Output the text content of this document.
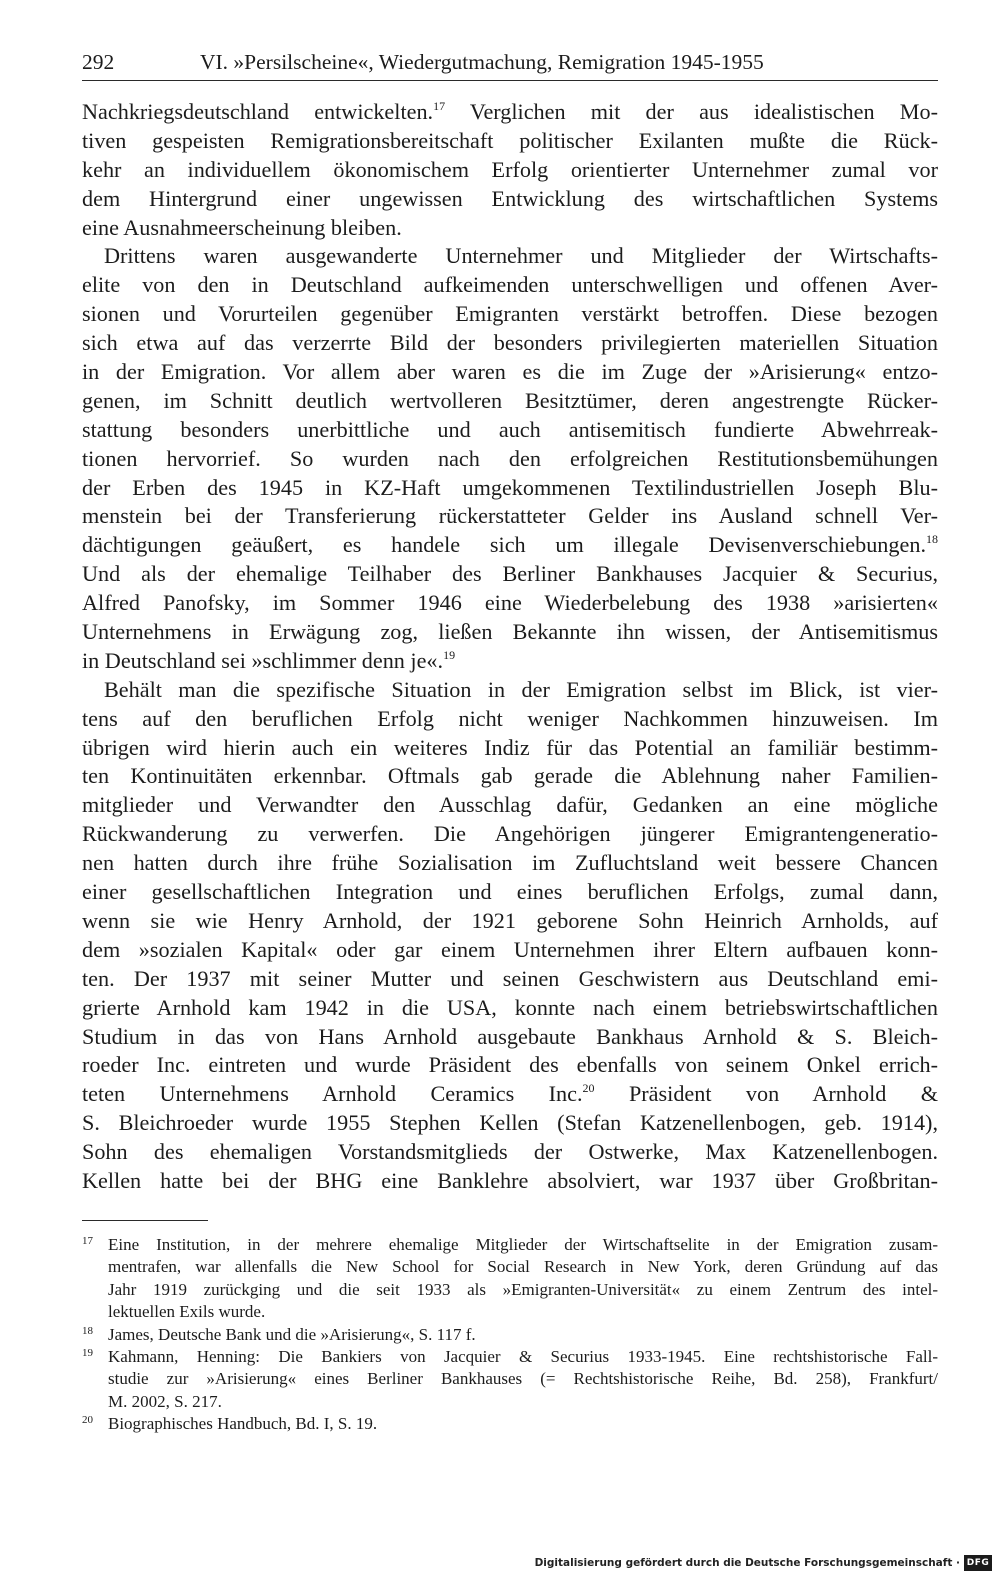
292	VI. »Persilscheine«, Wiedergutmachung, Remigration 1945-1955
Nachkriegsdeutschland entwickelten.$^{17}$ Verglichen mit der aus idealistischen Mo-
tiven gespeisten Remigrationsbereitschaft politischer Exilanten mußte die Rück-
kehr an individuellem ökonomischem Erfolg orientierter Unternehmer zumal vor
dem Hintergrund einer ungewissen Entwicklung des wirtschaftlichen Systems
eine Ausnahmeerscheinung bleiben.
Drittens waren ausgewanderte Unternehmer und Mitglieder der Wirtschafts-
elite von den in Deutschland aufkeimenden unterschwelligen und offenen Aver-
sionen und Vorurteilen gegenüber Emigranten verstärkt betroffen. Diese bezogen
sich etwa auf das verzerrte Bild der besonders privilegierten materiellen Situation
in der Emigration. Vor allem aber waren es die im Zuge der »Arisierung« entzo-
genen, im Schnitt deutlich wertvolleren Besitztümer, deren angestrengte Rücker-
stattung besonders unerbittliche und auch antisemitisch fundierte Abwehrreak-
tionen hervorrief. So wurden nach den erfolgreichen Restitutionsbemühungen
der Erben des 1945 in KZ-Haft umgekommenen Textilindustriellen Joseph Blu-
menstein bei der Transferierung rückerstatteter Gelder ins Ausland schnell Ver-
dächtigungen geäußert, es handele sich um illegale Devisenverschiebungen.$^{18}$
Und als der ehemalige Teilhaber des Berliner Bankhauses Jacquier & Securius,
Alfred Panofsky, im Sommer 1946 eine Wiederbelebung des 1938 »arisierten«
Unternehmens in Erwägung zog, ließen Bekannte ihn wissen, der Antisemitismus
in Deutschland sei »schlimmer denn je«.$^{19}$
Behält man die spezifische Situation in der Emigration selbst im Blick, ist vier-
tens auf den beruflichen Erfolg nicht weniger Nachkommen hinzuweisen. Im
übrigen wird hierin auch ein weiteres Indiz für das Potential an familiär bestimm-
ten Kontinuitäten erkennbar. Oftmals gab gerade die Ablehnung naher Familien-
mitglieder und Verwandter den Ausschlag dafür, Gedanken an eine mögliche
Rückwanderung zu verwerfen. Die Angehörigen jüngerer Emigrantengeneratio-
nen hatten durch ihre frühe Sozialisation im Zufluchtsland weit bessere Chancen
einer gesellschaftlichen Integration und eines beruflichen Erfolgs, zumal dann,
wenn sie wie Henry Arnhold, der 1921 geborene Sohn Heinrich Arnholds, auf
dem »sozialen Kapital« oder gar einem Unternehmen ihrer Eltern aufbauen konn-
ten. Der 1937 mit seiner Mutter und seinen Geschwistern aus Deutschland emi-
grierte Arnhold kam 1942 in die USA, konnte nach einem betriebswirtschaftlichen
Studium in das von Hans Arnhold ausgebaute Bankhaus Arnhold & S. Bleich-
roeder Inc. eintreten und wurde Präsident des ebenfalls von seinem Onkel errich-
teten Unternehmens Arnhold Ceramics Inc.$^{20}$ Präsident von Arnhold &
S. Bleichroeder wurde 1955 Stephen Kellen (Stefan Katzenellenbogen, geb. 1914),
Sohn des ehemaligen Vorstandsmitglieds der Ostwerke, Max Katzenellenbogen.
Kellen hatte bei der BHG eine Banklehre absolviert, war 1937 über Großbritan-
17 Eine Institution, in der mehrere ehemalige Mitglieder der Wirtschaftselite in der Emigration zusam-
mentrafen, war allenfalls die New School for Social Research in New York, deren Gründung auf das
Jahr 1919 zurückging und die seit 1933 als »Emigranten-Universität« zu einem Zentrum des intel-
lektuellen Exils wurde.
18 James, Deutsche Bank und die »Arisierung«, S. 117 f.
19 Kahmann, Henning: Die Bankiers von Jacquier & Securius 1933-1945. Eine rechtshistorische Fall-
studie zur »Arisierung« eines Berliner Bankhauses (= Rechtshistorische Reihe, Bd. 258), Frankfurt/
M. 2002, S. 217.
20 Biographisches Handbuch, Bd. I, S. 19.
Digitalisierung gefördert durch die Deutsche Forschungsgemeinschaft · DFG
